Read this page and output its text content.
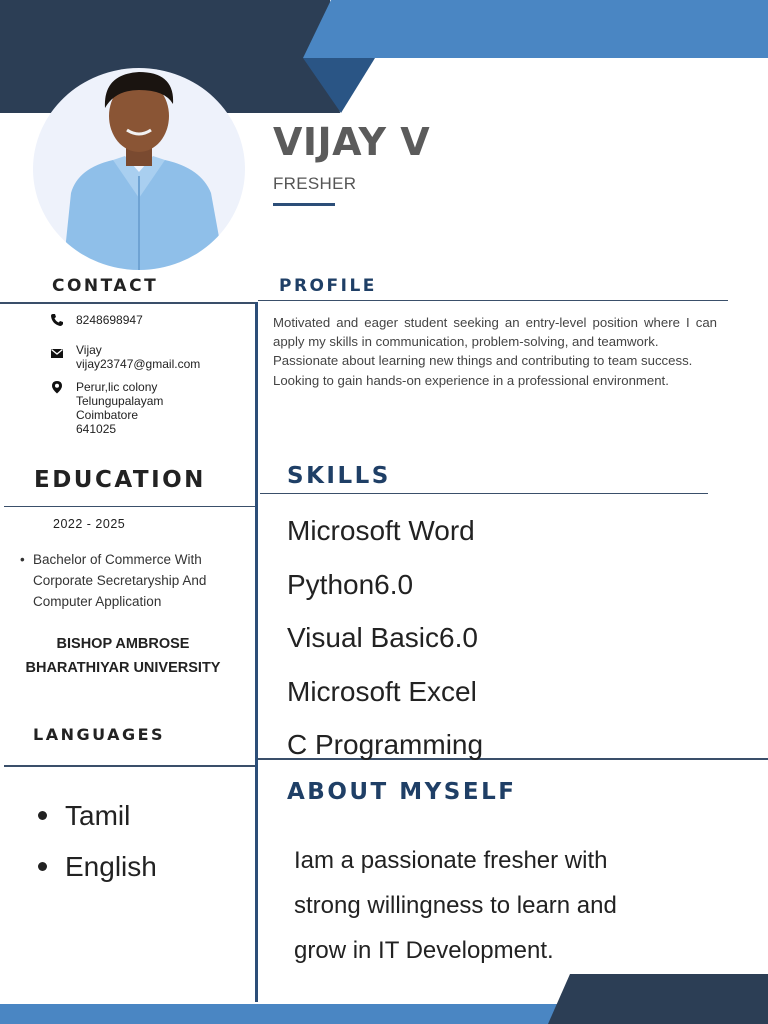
VIJAY V
FRESHER
CONTACT	PROFILE
8248698947
Vijay
vijay23747@gmail.com
Perur,lic colony
Telungupalayam
Coimbatore
641025

Motivated and eager student seeking an entry-level position where I can apply my skills in communication, problem-solving, and teamwork.

Passionate about learning new things and contributing to team success.

Looking to gain hands-on experience in a professional environment.

EDUCATION
2022 - 2025
• Bachelor of Commerce With Corporate Secretaryship And Computer Application
BISHOP AMBROSE
BHARATHIYAR UNIVERSITY
LANGUAGES
Tamil
English
SKILLS
Microsoft Word
Python6.0
Visual Basic6.0
Microsoft Excel
C Programming
ABOUT MYSELF
Iam a passionate fresher with
strong willingness to learn and
grow in IT Development.
